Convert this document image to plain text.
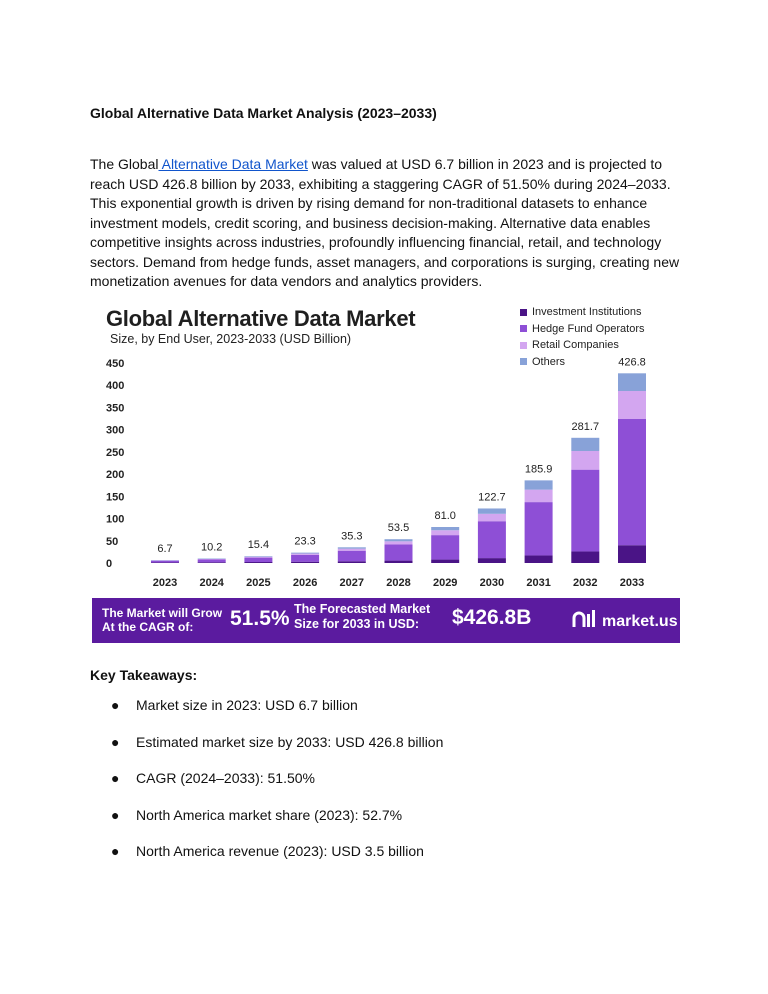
Global Alternative Data Market Analysis (2023–2033)

The Global Alternative Data Market was valued at USD 6.7 billion in 2023 and is projected to reach USD 426.8 billion by 2033, exhibiting a staggering CAGR of 51.50% during 2024–2033. This exponential growth is driven by rising demand for non-traditional datasets to enhance investment models, credit scoring, and business decision-making. Alternative data enables competitive insights across industries, profoundly influencing financial, retail, and technology sectors. Demand from hedge funds, asset managers, and corporations is surging, creating new monetization avenues for data vendors and analytics providers.

0
50
100
150
200
250
300
350
400
450
6.7
2023
10.2
2024
15.4
2025
23.3
2026
35.3
2027
53.5
2028
81.0
2029
122.7
2030
185.9
2031
281.7
2032
426.8
2033
Global Alternative Data Market
Size, by End User, 2023-2033 (USD Billion)
Investment Institutions
Hedge Fund Operators
Retail Companies
Others
The Market will Grow At the CAGR of:	51.5% The Forecasted Market Size for 2033 in USD:	$426.8B	market.us
Key Takeaways:
● Market size in 2023: USD 6.7 billion
● Estimated market size by 2033: USD 426.8 billion
● CAGR (2024–2033): 51.50%
● North America market share (2023): 52.7%
● North America revenue (2023): USD 3.5 billion
